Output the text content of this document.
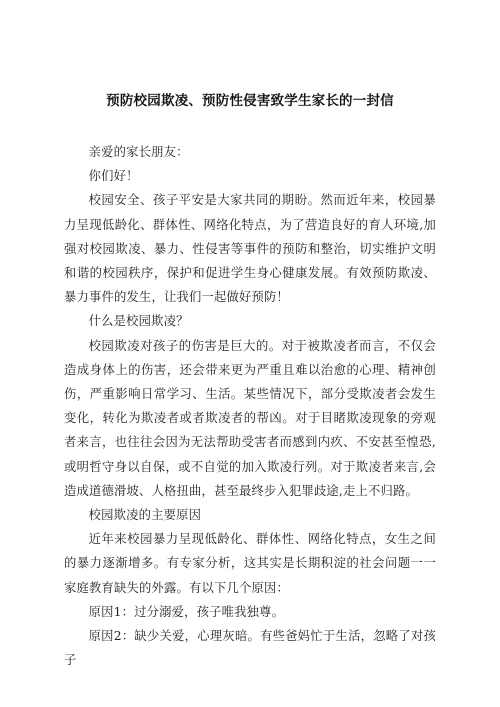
预防校园欺凌、预防性侵害致学生家长的一封信

亲爱的家长朋友：

你们好！

校园安全、孩子平安是大家共同的期盼。然而近年来，校园暴力呈现低龄化、群体性、网络化特点，为了营造良好的育人环境,加强对校园欺凌、暴力、性侵害等事件的预防和整治，切实维护文明和谐的校园秩序，保护和促进学生身心健康发展。有效预防欺凌、暴力事件的发生，让我们一起做好预防！

什么是校园欺凌？

校园欺凌对孩子的伤害是巨大的。对于被欺凌者而言，不仅会造成身体上的伤害，还会带来更为严重且难以治愈的心理、精神创伤，严重影响日常学习、生活。某些情况下，部分受欺凌者会发生变化，转化为欺凌者或者欺凌者的帮凶。对于目睹欺凌现象的旁观者来言，也往往会因为无法帮助受害者而感到内疚、不安甚至惶恐,或明哲守身以自保，或不自觉的加入欺凌行列。对于欺凌者来言,会造成道德滑坡、人格扭曲，甚至最终步入犯罪歧途,走上不归路。

校园欺凌的主要原因

近年来校园暴力呈现低龄化、群体性、网络化特点，女生之间的暴力逐渐增多。有专家分析，这其实是长期积淀的社会问题一一家庭教育缺失的外露。有以下几个原因：

原因1：过分溺爱，孩子唯我独尊。

原因2：缺少关爱，心理灰暗。有些爸妈忙于生活，忽略了对孩子
